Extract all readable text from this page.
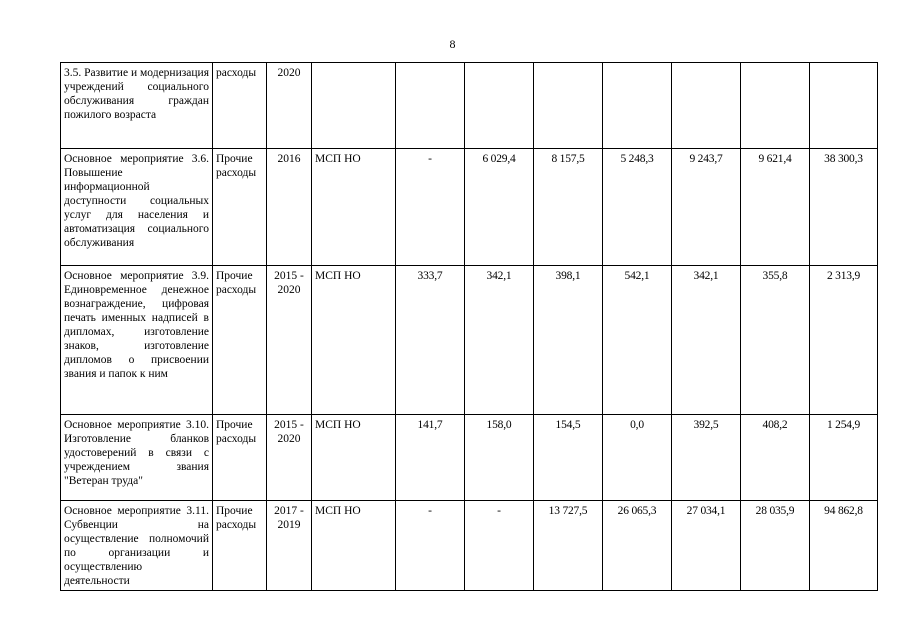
8
3.5. Развитие и модернизация учреждений социального обслуживания граждан пожилого возраста	расходы	2020								
Основное мероприятие 3.6. Повышение информационной доступности социальных услуг для населения и автоматизация социального обслуживания	Прочие расходы	2016	МСП НО	-	6 029,4	8 157,5	5 248,3	9 243,7	9 621,4	38 300,3
Основное мероприятие 3.9. Единовременное денежное вознаграждение, цифровая печать именных надписей в дипломах, изготовление знаков, изготовление дипломов о присвоении звания и папок к ним	Прочие расходы	2015 - 2020	МСП НО	333,7	342,1	398,1	542,1	342,1	355,8	2 313,9
Основное мероприятие 3.10. Изготовление бланков удостоверений в связи с учреждением звания "Ветеран труда"	Прочие расходы	2015 - 2020	МСП НО	141,7	158,0	154,5	0,0	392,5	408,2	1 254,9
Основное мероприятие 3.11. Субвенции на осуществление полномочий по организации и осуществлению деятельности	Прочие расходы	2017 - 2019	МСП НО	-	-	13 727,5	26 065,3	27 034,1	28 035,9	94 862,8
